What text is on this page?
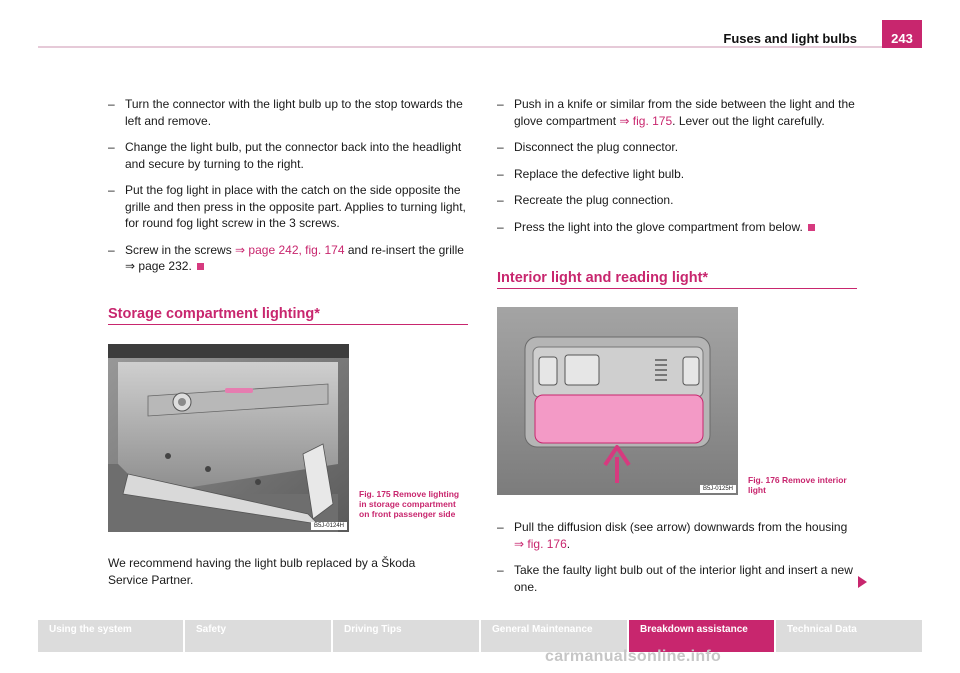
Fuses and light bulbs	243
– Turn the connector with the light bulb up to the stop towards the left and remove.
– Change the light bulb, put the connector back into the headlight and secure by turning to the right.
– Put the fog light in place with the catch on the side opposite the grille and then press in the opposite part. Applies to turning light, for round fog light screw in the 3 screws.
– Screw in the screws ⇒ page 242, fig. 174 and re-insert the grille ⇒ page 232.
Storage compartment lighting*
B5J-0124H
Fig. 175 Remove lighting in storage compartment on front passenger side
We recommend having the light bulb replaced by a Škoda Service Partner.
– Push in a knife or similar from the side between the light and the glove compartment ⇒ fig. 175. Lever out the light carefully.
– Disconnect the plug connector.
– Replace the defective light bulb.
– Recreate the plug connection.
– Press the light into the glove compartment from below.
Interior light and reading light*
B5J-0125H
Fig. 176 Remove interior light
– Pull the diffusion disk (see arrow) downwards from the housing ⇒ fig. 176.
– Take the faulty light bulb out of the interior light and insert a new one.
Using the system	Safety	Driving Tips	General Maintenance	Breakdown assistance	Technical Data
carmanualsonline.info
